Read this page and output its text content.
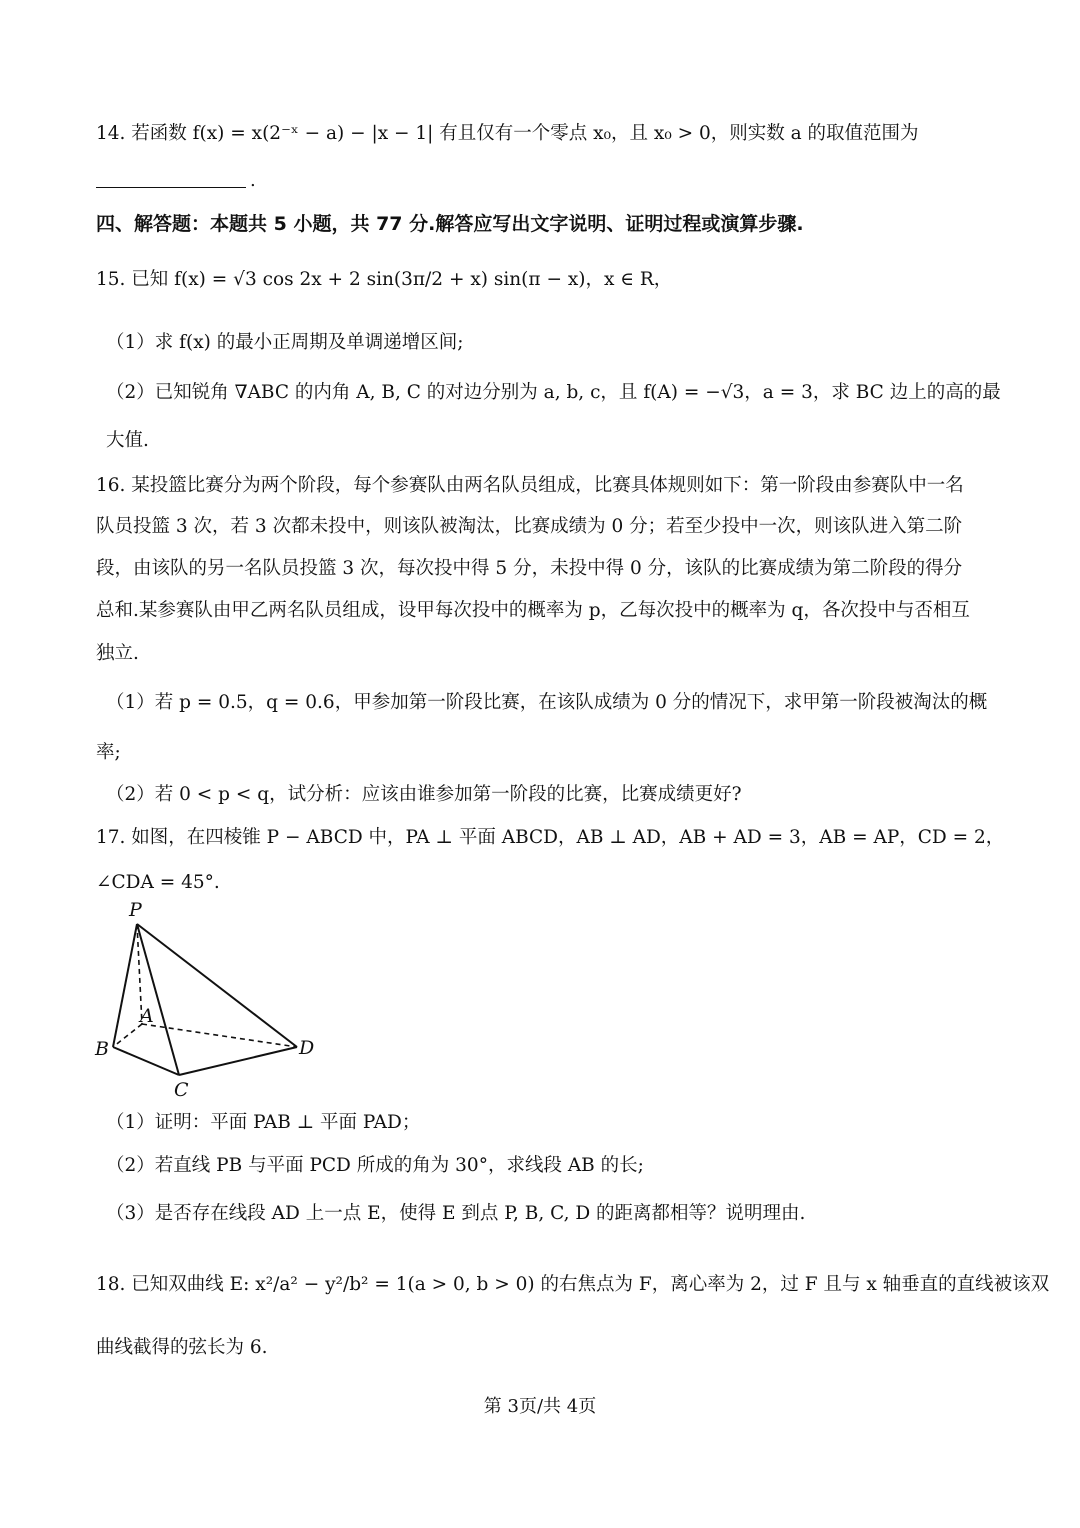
14. 若函数 f(x) = x(2⁻ˣ − a) − |x − 1| 有且仅有一个零点 x₀，且 x₀ > 0，则实数 a 的取值范围为
.
四、解答题：本题共 5 小题，共 77 分.解答应写出文字说明、证明过程或演算步骤.
15. 已知 f(x) = √3 cos 2x + 2 sin(3π/2 + x) sin(π − x)，x ∈ R，
（1）求 f(x) 的最小正周期及单调递增区间;
（2）已知锐角 ∇ABC 的内角 A, B, C 的对边分别为 a, b, c，且 f(A) = −√3，a = 3，求 BC 边上的高的最
大值.
16. 某投篮比赛分为两个阶段，每个参赛队由两名队员组成，比赛具体规则如下：第一阶段由参赛队中一名
队员投篮 3 次，若 3 次都未投中，则该队被淘汰，比赛成绩为 0 分；若至少投中一次，则该队进入第二阶
段，由该队的另一名队员投篮 3 次，每次投中得 5 分，未投中得 0 分，该队的比赛成绩为第二阶段的得分
总和.某参赛队由甲乙两名队员组成，设甲每次投中的概率为 p，乙每次投中的概率为 q，各次投中与否相互
独立.
（1）若 p = 0.5，q = 0.6，甲参加第一阶段比赛，在该队成绩为 0 分的情况下，求甲第一阶段被淘汰的概
率;
（2）若 0 < p < q，试分析：应该由谁参加第一阶段的比赛，比赛成绩更好?
17. 如图，在四棱锥 P − ABCD 中，PA ⊥ 平面 ABCD，AB ⊥ AD，AB + AD = 3，AB = AP，CD = 2，
∠CDA = 45°.
P
A
B
C
D
（1）证明：平面 PAB ⊥ 平面 PAD；
（2）若直线 PB 与平面 PCD 所成的角为 30°，求线段 AB 的长;
（3）是否存在线段 AD 上一点 E，使得 E 到点 P, B, C, D 的距离都相等？说明理由.
18. 已知双曲线 E: x²/a² − y²/b² = 1(a > 0, b > 0) 的右焦点为 F，离心率为 2，过 F 且与 x 轴垂直的直线被该双
曲线截得的弦长为 6.
第 3页/共 4页
